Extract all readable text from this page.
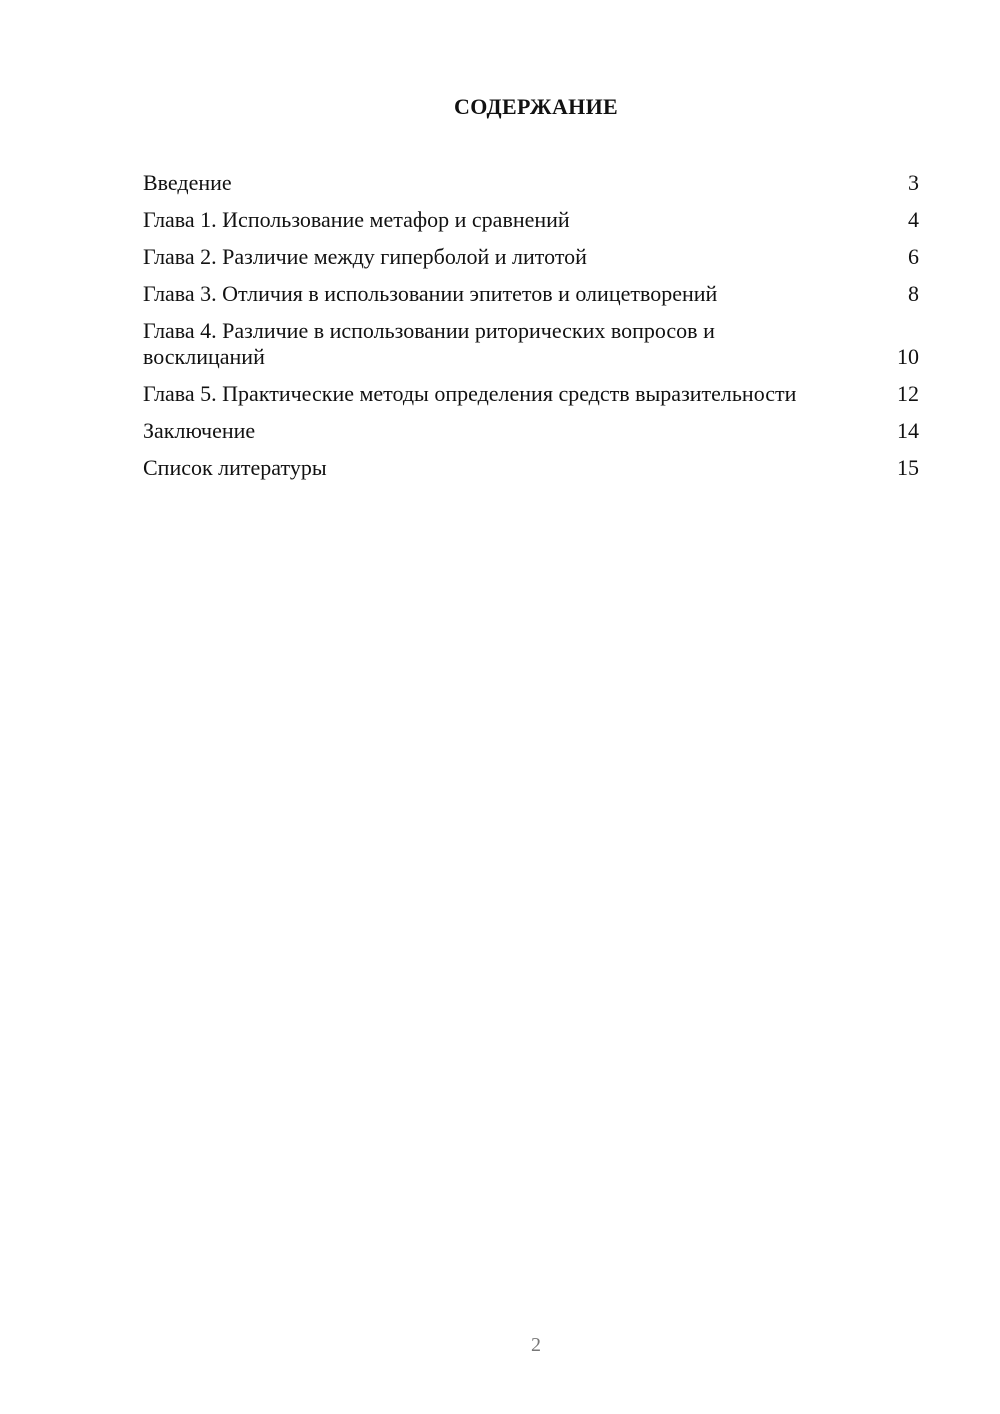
СОДЕРЖАНИЕ
Введение	3
Глава 1. Использование метафор и сравнений	4
Глава 2. Различие между гиперболой и литотой	6
Глава 3. Отличия в использовании эпитетов и олицетворений	8
Глава 4. Различие в использовании риторических вопросов и восклицаний	10
Глава 5. Практические методы определения средств выразительности	12
Заключение	14
Список литературы	15
2
